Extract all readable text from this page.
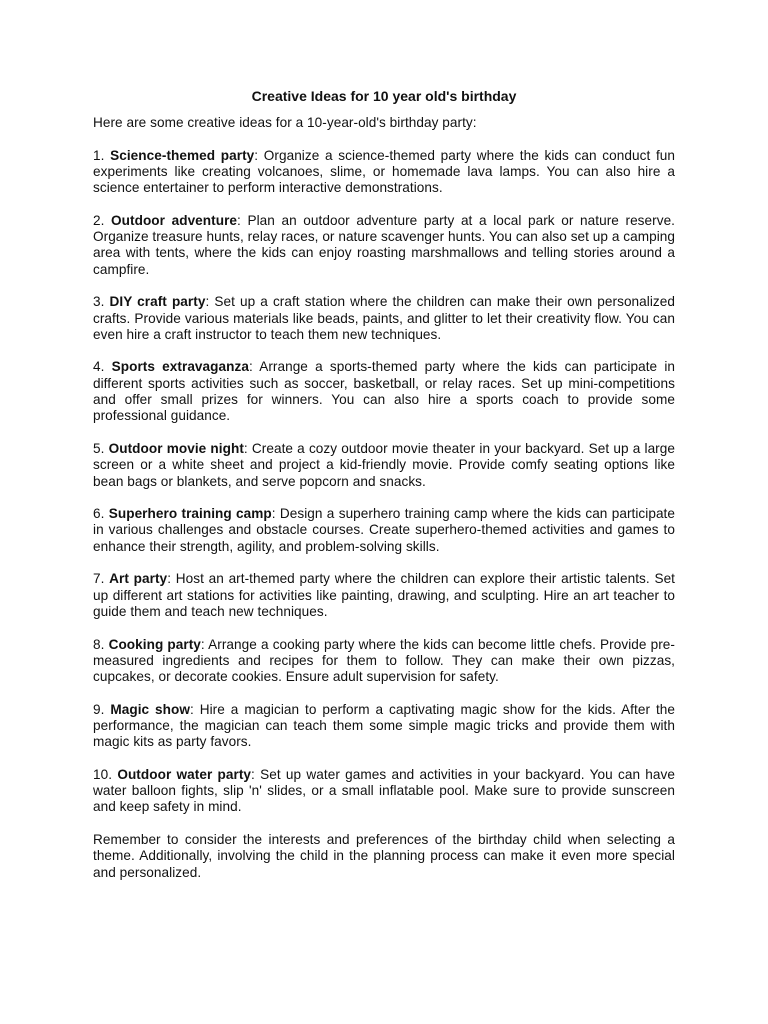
Creative Ideas for 10 year old's birthday

Here are some creative ideas for a 10-year-old's birthday party:

1. Science-themed party: Organize a science-themed party where the kids can conduct fun experiments like creating volcanoes, slime, or homemade lava lamps. You can also hire a science entertainer to perform interactive demonstrations.

2. Outdoor adventure: Plan an outdoor adventure party at a local park or nature reserve. Organize treasure hunts, relay races, or nature scavenger hunts. You can also set up a camping area with tents, where the kids can enjoy roasting marshmallows and telling stories around a campfire.

3. DIY craft party: Set up a craft station where the children can make their own personalized crafts. Provide various materials like beads, paints, and glitter to let their creativity flow. You can even hire a craft instructor to teach them new techniques.

4. Sports extravaganza: Arrange a sports-themed party where the kids can participate in different sports activities such as soccer, basketball, or relay races. Set up mini-competitions and offer small prizes for winners. You can also hire a sports coach to provide some professional guidance.

5. Outdoor movie night: Create a cozy outdoor movie theater in your backyard. Set up a large screen or a white sheet and project a kid-friendly movie. Provide comfy seating options like bean bags or blankets, and serve popcorn and snacks.

6. Superhero training camp: Design a superhero training camp where the kids can participate in various challenges and obstacle courses. Create superhero-themed activities and games to enhance their strength, agility, and problem-solving skills.

7. Art party: Host an art-themed party where the children can explore their artistic talents. Set up different art stations for activities like painting, drawing, and sculpting. Hire an art teacher to guide them and teach new techniques.

8. Cooking party: Arrange a cooking party where the kids can become little chefs. Provide pre-measured ingredients and recipes for them to follow. They can make their own pizzas, cupcakes, or decorate cookies. Ensure adult supervision for safety.

9. Magic show: Hire a magician to perform a captivating magic show for the kids. After the performance, the magician can teach them some simple magic tricks and provide them with magic kits as party favors.

10. Outdoor water party: Set up water games and activities in your backyard. You can have water balloon fights, slip 'n' slides, or a small inflatable pool. Make sure to provide sunscreen and keep safety in mind.

Remember to consider the interests and preferences of the birthday child when selecting a theme. Additionally, involving the child in the planning process can make it even more special and personalized.
